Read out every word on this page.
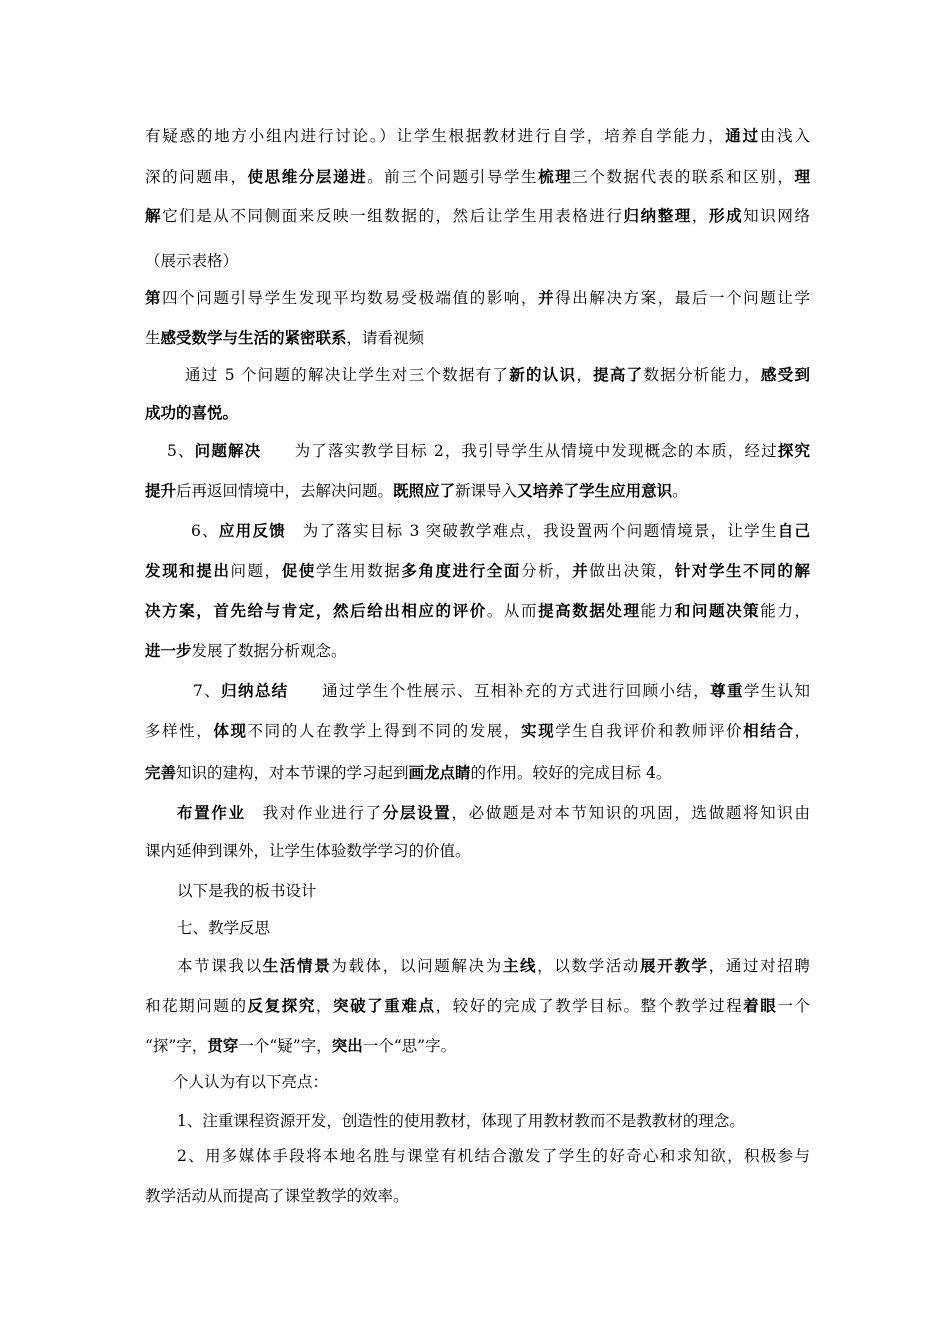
有疑惑的地方小组内进行讨论。）让学生根据教材进行自学，培养自学能力，通过由浅入
深的问题串，使思维分层递进。前三个问题引导学生梳理三个数据代表的联系和区别，理
解它们是从不同侧面来反映一组数据的，然后让学生用表格进行归纳整理，形成知识网络
（展示表格）
第四个问题引导学生发现平均数易受极端值的影响，并得出解决方案，最后一个问题让学
生感受数学与生活的紧密联系，请看视频
通过 5 个问题的解决让学生对三个数据有了新的认识，提高了数据分析能力，感受到
成功的喜悦。
5、问题解决　　为了落实教学目标 2，我引导学生从情境中发现概念的本质，经过探究
提升后再返回情境中，去解决问题。既照应了新课导入又培养了学生应用意识。
6、应用反馈　为了落实目标 3 突破教学难点，我设置两个问题情境景，让学生自己
发现和提出问题，促使学生用数据多角度进行全面分析，并做出决策，针对学生不同的解
决方案，首先给与肯定，然后给出相应的评价。从而提高数据处理能力和问题决策能力，
进一步发展了数据分析观念。
7、归纳总结　　通过学生个性展示、互相补充的方式进行回顾小结，尊重学生认知
多样性，体现不同的人在教学上得到不同的发展，实现学生自我评价和教师评价相结合，
完善知识的建构，对本节课的学习起到画龙点睛的作用。较好的完成目标 4。
布置作业　我对作业进行了分层设置，必做题是对本节知识的巩固，选做题将知识由
课内延伸到课外，让学生体验数学学习的价值。
以下是我的板书设计
七、教学反思
本节课我以生活情景为载体，以问题解决为主线，以数学活动展开教学，通过对招聘
和花期问题的反复探究，突破了重难点，较好的完成了教学目标。整个教学过程着眼一个
“探”字，贯穿一个“疑”字，突出一个“思”字。
个人认为有以下亮点：
1、注重课程资源开发，创造性的使用教材，体现了用教材教而不是教教材的理念。
2、用多媒体手段将本地名胜与课堂有机结合激发了学生的好奇心和求知欲，积极参与
教学活动从而提高了课堂教学的效率。
